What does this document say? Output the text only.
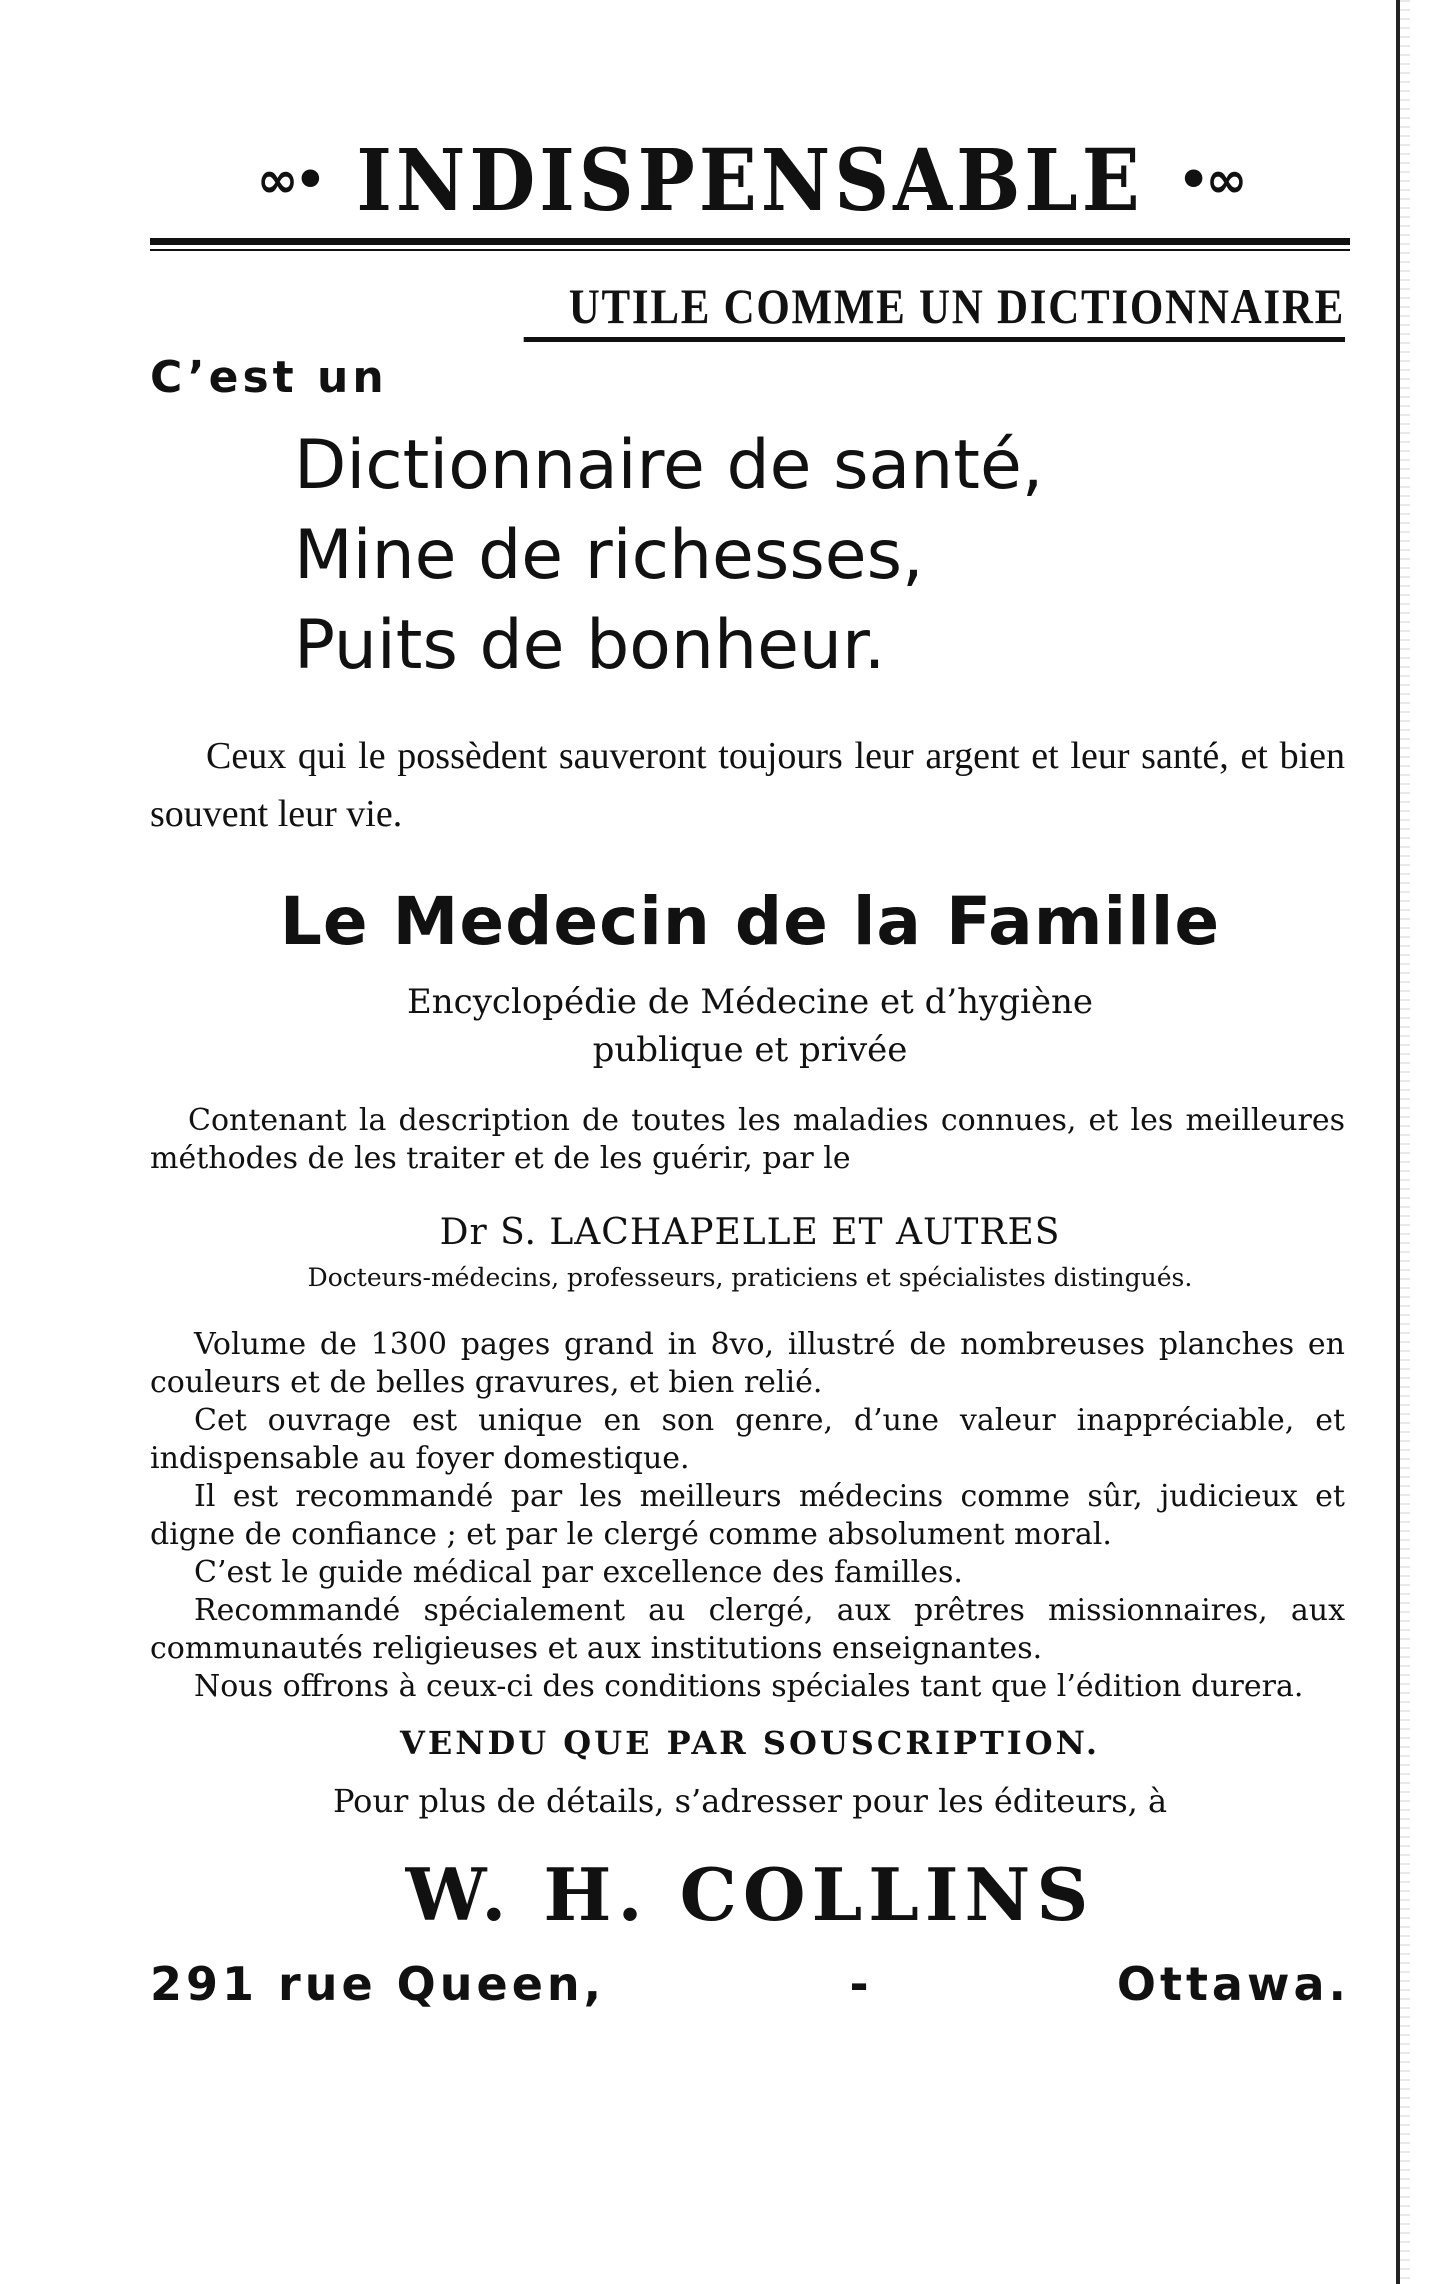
∞• INDISPENSABLE •∞
UTILE COMME UN DICTIONNAIRE
C’est un
Dictionnaire de santé,
Mine de richesses,
Puits de bonheur.
Ceux qui le possèdent sauveront toujours leur argent et leur santé, et bien souvent leur vie.
Le Medecin de la Famille
Encyclopédie de Médecine et d’hygiène
publique et privée

Contenant la description de toutes les maladies connues, et les meilleures méthodes de les traiter et de les guérir, par le

Dr S. LACHAPELLE ET AUTRES
Docteurs-médecins, professeurs, praticiens et spécialistes distingués.

Volume de 1300 pages grand in 8vo, illustré de nombreuses planches en couleurs et de belles gravures, et bien relié.

Cet ouvrage est unique en son genre, d’une valeur inappréciable, et indispensable au foyer domestique.

Il est recommandé par les meilleurs médecins comme sûr, judicieux et digne de confiance ; et par le clergé comme absolument moral.

C’est le guide médical par excellence des familles.

Recommandé spécialement au clergé, aux prêtres missionnaires, aux communautés religieuses et aux institutions enseignantes.

Nous offrons à ceux-ci des conditions spéciales tant que l’édition durera.

VENDU QUE PAR SOUSCRIPTION.
Pour plus de détails, s’adresser pour les éditeurs, à
W. H. COLLINS
291 rue Queen,	-	Ottawa.
